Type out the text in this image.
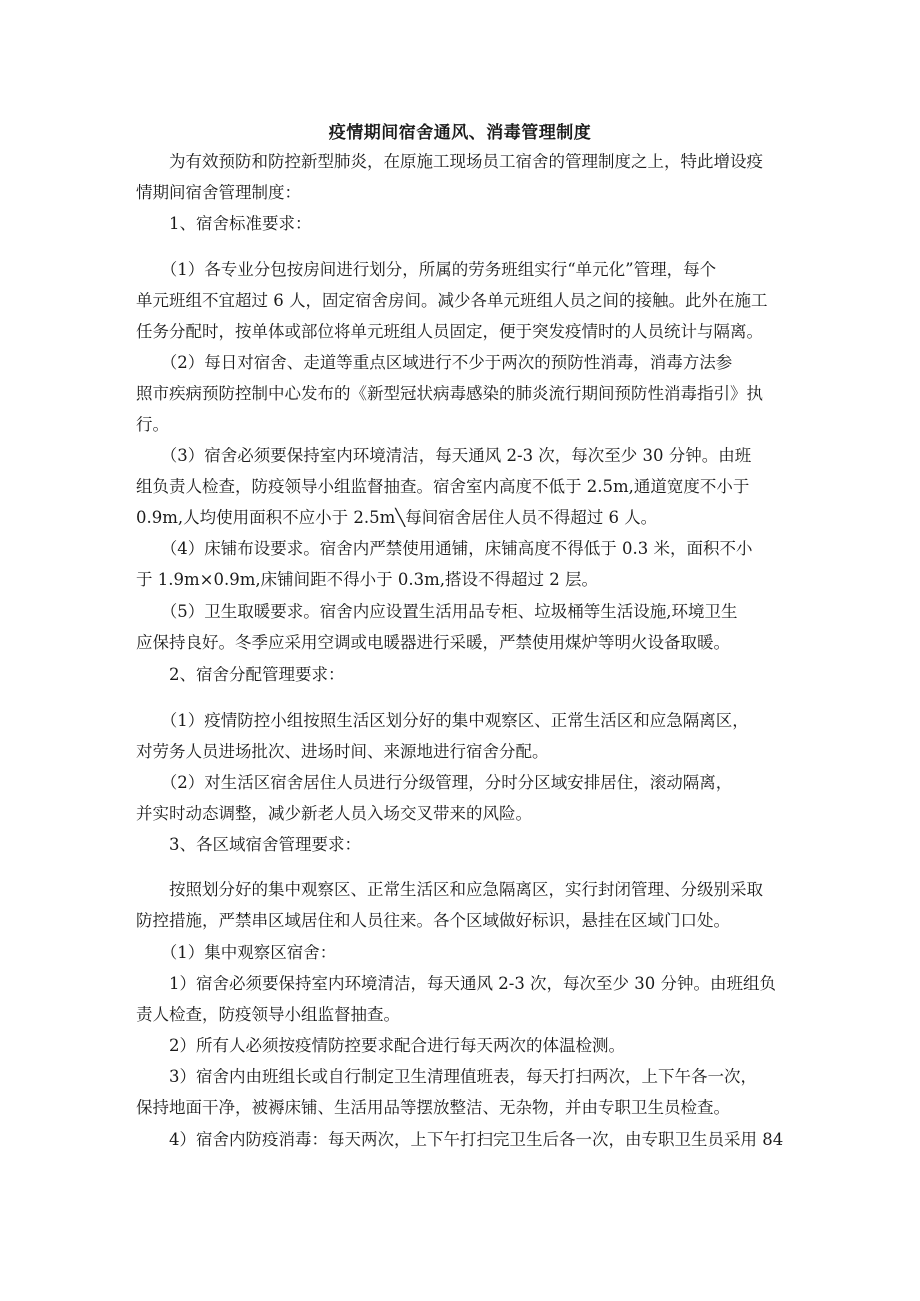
疫情期间宿舍通风、消毒管理制度

　　为有效预防和防控新型肺炎，在原施工现场员工宿舍的管理制度之上，特此增设疫
情期间宿舍管理制度：

　　1、宿舍标准要求：

　　（1）各专业分包按房间进行划分，所属的劳务班组实行“单元化”管理，每个
单元班组不宜超过 6 人，固定宿舍房间。减少各单元班组人员之间的接触。此外在施工
任务分配时，按单体或部位将单元班组人员固定，便于突发疫情时的人员统计与隔离。

　　（2）每日对宿舍、走道等重点区域进行不少于两次的预防性消毒，消毒方法参
照市疾病预防控制中心发布的《新型冠状病毒感染的肺炎流行期间预防性消毒指引》执
行。

　　（3）宿舍必须要保持室内环境清洁，每天通风 2-3 次，每次至少 30 分钟。由班
组负责人检查，防疫领导小组监督抽查。宿舍室内高度不低于 2.5m,通道宽度不小于
0.9m,人均使用面积不应小于 2.5m╲每间宿舍居住人员不得超过 6 人。

　　（4）床铺布设要求。宿舍内严禁使用通铺，床铺高度不得低于 0.3 米，面积不小
于 1.9m×0.9m,床铺间距不得小于 0.3m,搭设不得超过 2 层。

　　（5）卫生取暖要求。宿舍内应设置生活用品专柜、垃圾桶等生活设施,环境卫生
应保持良好。冬季应采用空调或电暖器进行采暖，严禁使用煤炉等明火设备取暖。

　　2、宿舍分配管理要求：

　　（1）疫情防控小组按照生活区划分好的集中观察区、正常生活区和应急隔离区，
对劳务人员进场批次、进场时间、来源地进行宿舍分配。

　　（2）对生活区宿舍居住人员进行分级管理，分时分区域安排居住，滚动隔离，
并实时动态调整，减少新老人员入场交叉带来的风险。

　　3、各区域宿舍管理要求：

　　按照划分好的集中观察区、正常生活区和应急隔离区，实行封闭管理、分级别采取
防控措施，严禁串区域居住和人员往来。各个区域做好标识，悬挂在区域门口处。

　　（1）集中观察区宿舍：

　　1）宿舍必须要保持室内环境清洁，每天通风 2-3 次，每次至少 30 分钟。由班组负
责人检查，防疫领导小组监督抽查。

　　2）所有人必须按疫情防控要求配合进行每天两次的体温检测。

　　3）宿舍内由班组长或自行制定卫生清理值班表，每天打扫两次，上下午各一次，
保持地面干净，被褥床铺、生活用品等摆放整洁、无杂物，并由专职卫生员检查。

　　4）宿舍内防疫消毒：每天两次，上下午打扫完卫生后各一次，由专职卫生员采用 84
